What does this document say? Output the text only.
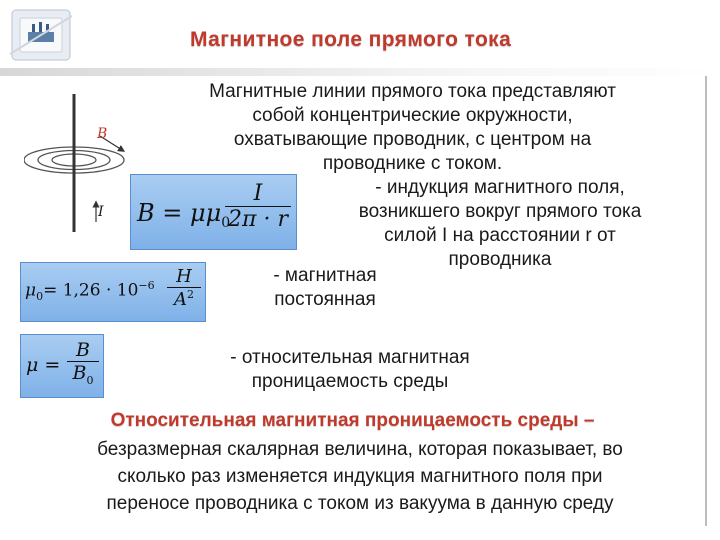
Магнитное поле прямого тока
Магнитные линии прямого тока представляют
собой концентрические окружности,
охватывающие проводник, с центром на
проводнике с током.
B
I $B = \mu\mu_0$
I
2π · r
- индукция магнитного поля,
возникшего вокруг прямого тока
силой I на расстоянии r от
проводника
$\mu_0= 1,26 \cdot 10^{-6}$	H
$A^2$
- магнитная
постоянная
μ =
B
$B_0$
- относительная магнитная
проницаемость среды
Относительная магнитная проницаемость среды –
безразмерная скалярная величина, которая показывает, во
сколько раз изменяется индукция магнитного поля при
переносе проводника с током из вакуума в данную среду
